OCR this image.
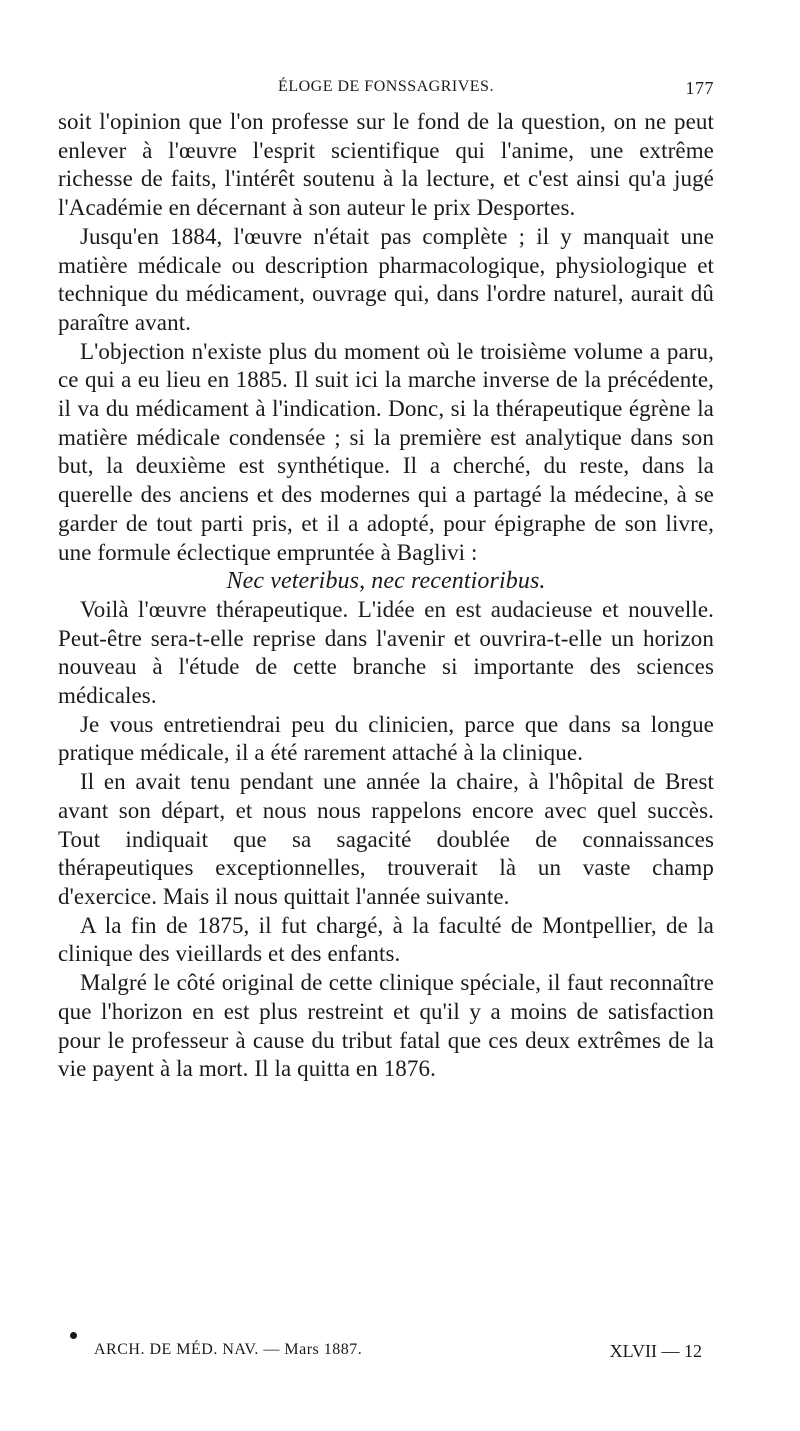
ÉLOGE DE FONSSAGRIVES.	177

soit l'opinion que l'on professe sur le fond de la question, on ne peut enlever à l'œuvre l'esprit scientifique qui l'anime, une extrême richesse de faits, l'intérêt soutenu à la lecture, et c'est ainsi qu'a jugé l'Académie en décernant à son auteur le prix Desportes.

Jusqu'en 1884, l'œuvre n'était pas complète ; il y manquait une matière médicale ou description pharmacologique, physiologique et technique du médicament, ouvrage qui, dans l'ordre naturel, aurait dû paraître avant.

L'objection n'existe plus du moment où le troisième volume a paru, ce qui a eu lieu en 1885. Il suit ici la marche inverse de la précédente, il va du médicament à l'indication. Donc, si la thérapeutique égrène la matière médicale condensée ; si la première est analytique dans son but, la deuxième est synthétique. Il a cherché, du reste, dans la querelle des anciens et des modernes qui a partagé la médecine, à se garder de tout parti pris, et il a adopté, pour épigraphe de son livre, une formule éclectique empruntée à Baglivi :

Nec veteribus, nec recentioribus.

Voilà l'œuvre thérapeutique. L'idée en est audacieuse et nouvelle. Peut-être sera-t-elle reprise dans l'avenir et ouvrira-t-elle un horizon nouveau à l'étude de cette branche si importante des sciences médicales.

Je vous entretiendrai peu du clinicien, parce que dans sa longue pratique médicale, il a été rarement attaché à la clinique.

Il en avait tenu pendant une année la chaire, à l'hôpital de Brest avant son départ, et nous nous rappelons encore avec quel succès. Tout indiquait que sa sagacité doublée de connaissances thérapeutiques exceptionnelles, trouverait là un vaste champ d'exercice. Mais il nous quittait l'année suivante.

A la fin de 1875, il fut chargé, à la faculté de Montpellier, de la clinique des vieillards et des enfants.

Malgré le côté original de cette clinique spéciale, il faut reconnaître que l'horizon en est plus restreint et qu'il y a moins de satisfaction pour le professeur à cause du tribut fatal que ces deux extrêmes de la vie payent à la mort. Il la quitta en 1876.

ARCH. DE MÉD. NAV. — Mars 1887.	XLVII — 12
